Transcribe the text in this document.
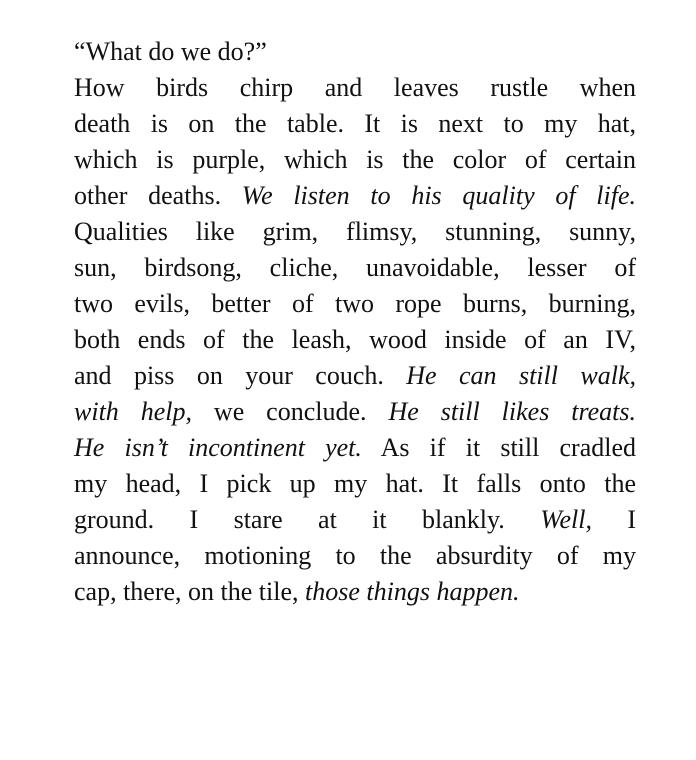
“What do we do?”

How birds chirp and leaves rustle when
death is on the table. It is next to my hat,
which is purple, which is the color of certain
other deaths. We listen to his quality of life.
Qualities like grim, flimsy, stunning, sunny,
sun, birdsong, cliche, unavoidable, lesser of
two evils, better of two rope burns, burning,
both ends of the leash, wood inside of an IV,
and piss on your couch. He can still walk,
with help, we conclude. He still likes treats.
He isn’t incontinent yet. As if it still cradled
my head, I pick up my hat. It falls onto the
ground. I stare at it blankly. Well, I
announce, motioning to the absurdity of my
cap, there, on the tile, those things happen.
